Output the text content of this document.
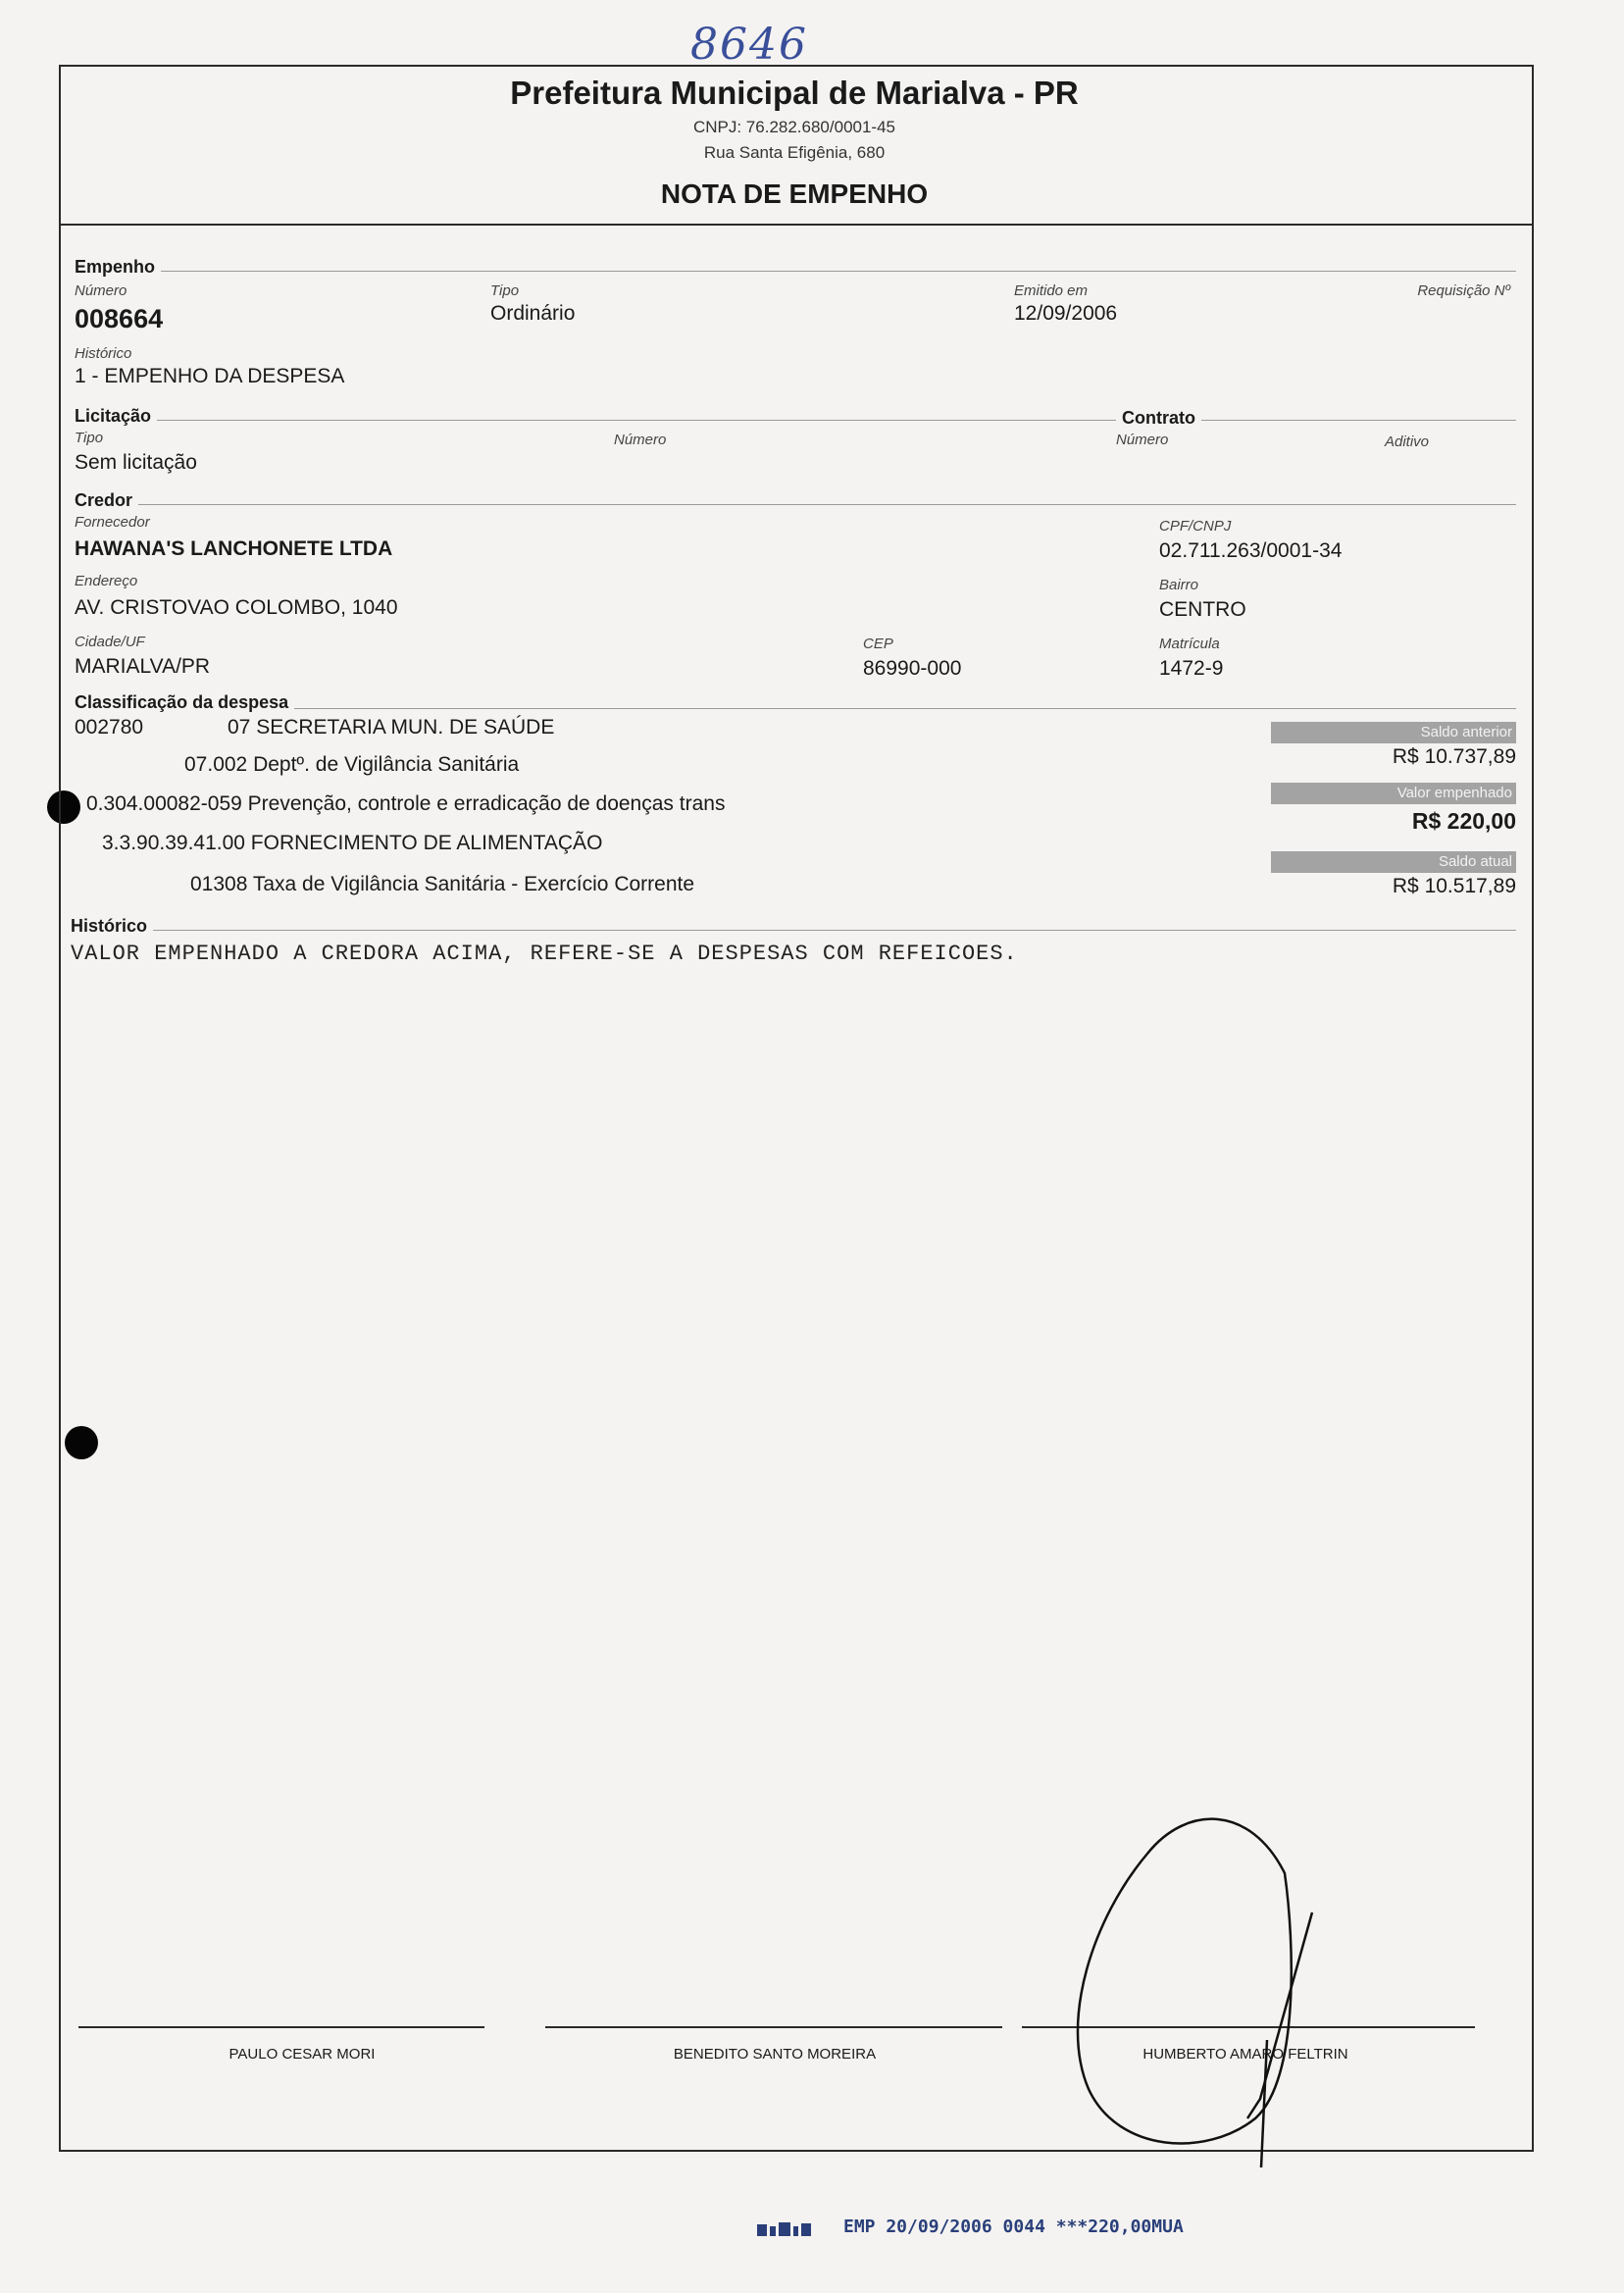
8646
Prefeitura Municipal de Marialva - PR
CNPJ: 76.282.680/0001-45
Rua Santa Efigênia, 680
NOTA DE EMPENHO
Empenho
Número
008664
Tipo
Ordinário
Emitido em
12/09/2006
Requisição Nº
Histórico
1 - EMPENHO DA DESPESA
Licitação	Contrato
Tipo
Sem licitação
Número	Número	Aditivo
Credor
Fornecedor
HAWANA'S LANCHONETE LTDA
CPF/CNPJ
02.711.263/0001-34
Endereço
AV. CRISTOVAO COLOMBO, 1040
Bairro
CENTRO
Cidade/UF
MARIALVA/PR
CEP
86990-000
Matrícula
1472-9
Classificação da despesa
002780	07 SECRETARIA MUN. DE SAÚDE
07.002 Deptº. de Vigilância Sanitária
0.304.00082-059 Prevenção, controle e erradicação de doenças trans
3.3.90.39.41.00 FORNECIMENTO DE ALIMENTAÇÃO
01308 Taxa de Vigilância Sanitária - Exercício Corrente
Saldo anterior
R$ 10.737,89
Valor empenhado
R$ 220,00
Saldo atual
R$ 10.517,89
Histórico
VALOR EMPENHADO A CREDORA ACIMA, REFERE-SE A DESPESAS COM REFEICOES.
PAULO CESAR MORI	BENEDITO SANTO MOREIRA	HUMBERTO AMARO FELTRIN
EMP 20/09/2006 0044 ***220,00MUA
